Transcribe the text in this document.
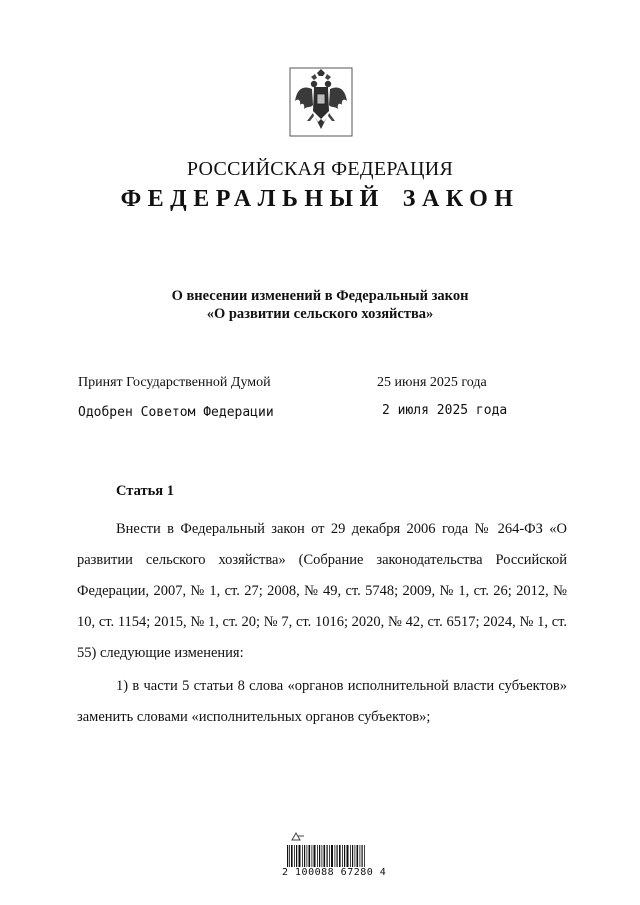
РОССИЙСКАЯ ФЕДЕРАЦИЯ
ФЕДЕРАЛЬНЫЙ ЗАКОН
О внесении изменений в Федеральный закон
«О развитии сельского хозяйства»
Принят Государственной Думой	25 июня 2025 года
Одобрен Советом Федерации	2 июля 2025 года
Статья 1

Внести в Федеральный закон от 29 декабря 2006 года № 264-ФЗ «О развитии сельского хозяйства» (Собрание законодательства Российской Федерации, 2007, № 1, ст. 27; 2008, № 49, ст. 5748; 2009, № 1, ст. 26; 2012, № 10, ст. 1154; 2015, № 1, ст. 20; № 7, ст. 1016; 2020, № 42, ст. 6517; 2024, № 1, ст. 55) следующие изменения:

1) в части 5 статьи 8 слова «органов исполнительной власти субъектов» заменить словами «исполнительных органов субъектов»;

2 100088 67280 4
